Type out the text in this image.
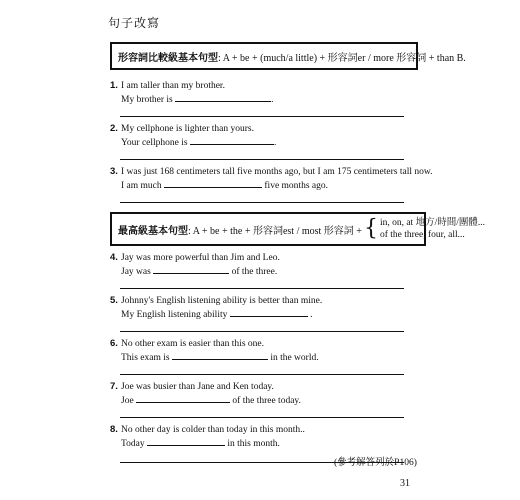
句子改寫
形容詞比較級基本句型 : A + be + (much/a little) + 形容詞er / more 形容詞 + than B.
1. I am taller than my brother.
My brother is	.
2. My cellphone is lighter than yours.
Your cellphone is	.
3. I was just 168 centimeters tall five months ago, but I am 175 centimeters tall now.
I am much	five months ago.
最高級基本句型 : A + be + the + 形容詞est / most 形容詞 + { in, on, at 地方/時間/團體...
of the three, four, all...
4. Jay was more powerful than Jim and Leo.
Jay was	of the three.
5. Johnny's English listening ability is better than mine.
My English listening ability	.
6. No other exam is easier than this one.
This exam is	in the world.
7. Joe was busier than Jane and Ken today.
Joe	of the three today.
8. No other day is colder than today in this month..
Today	in this month.
(參考解答列於P106)
31
